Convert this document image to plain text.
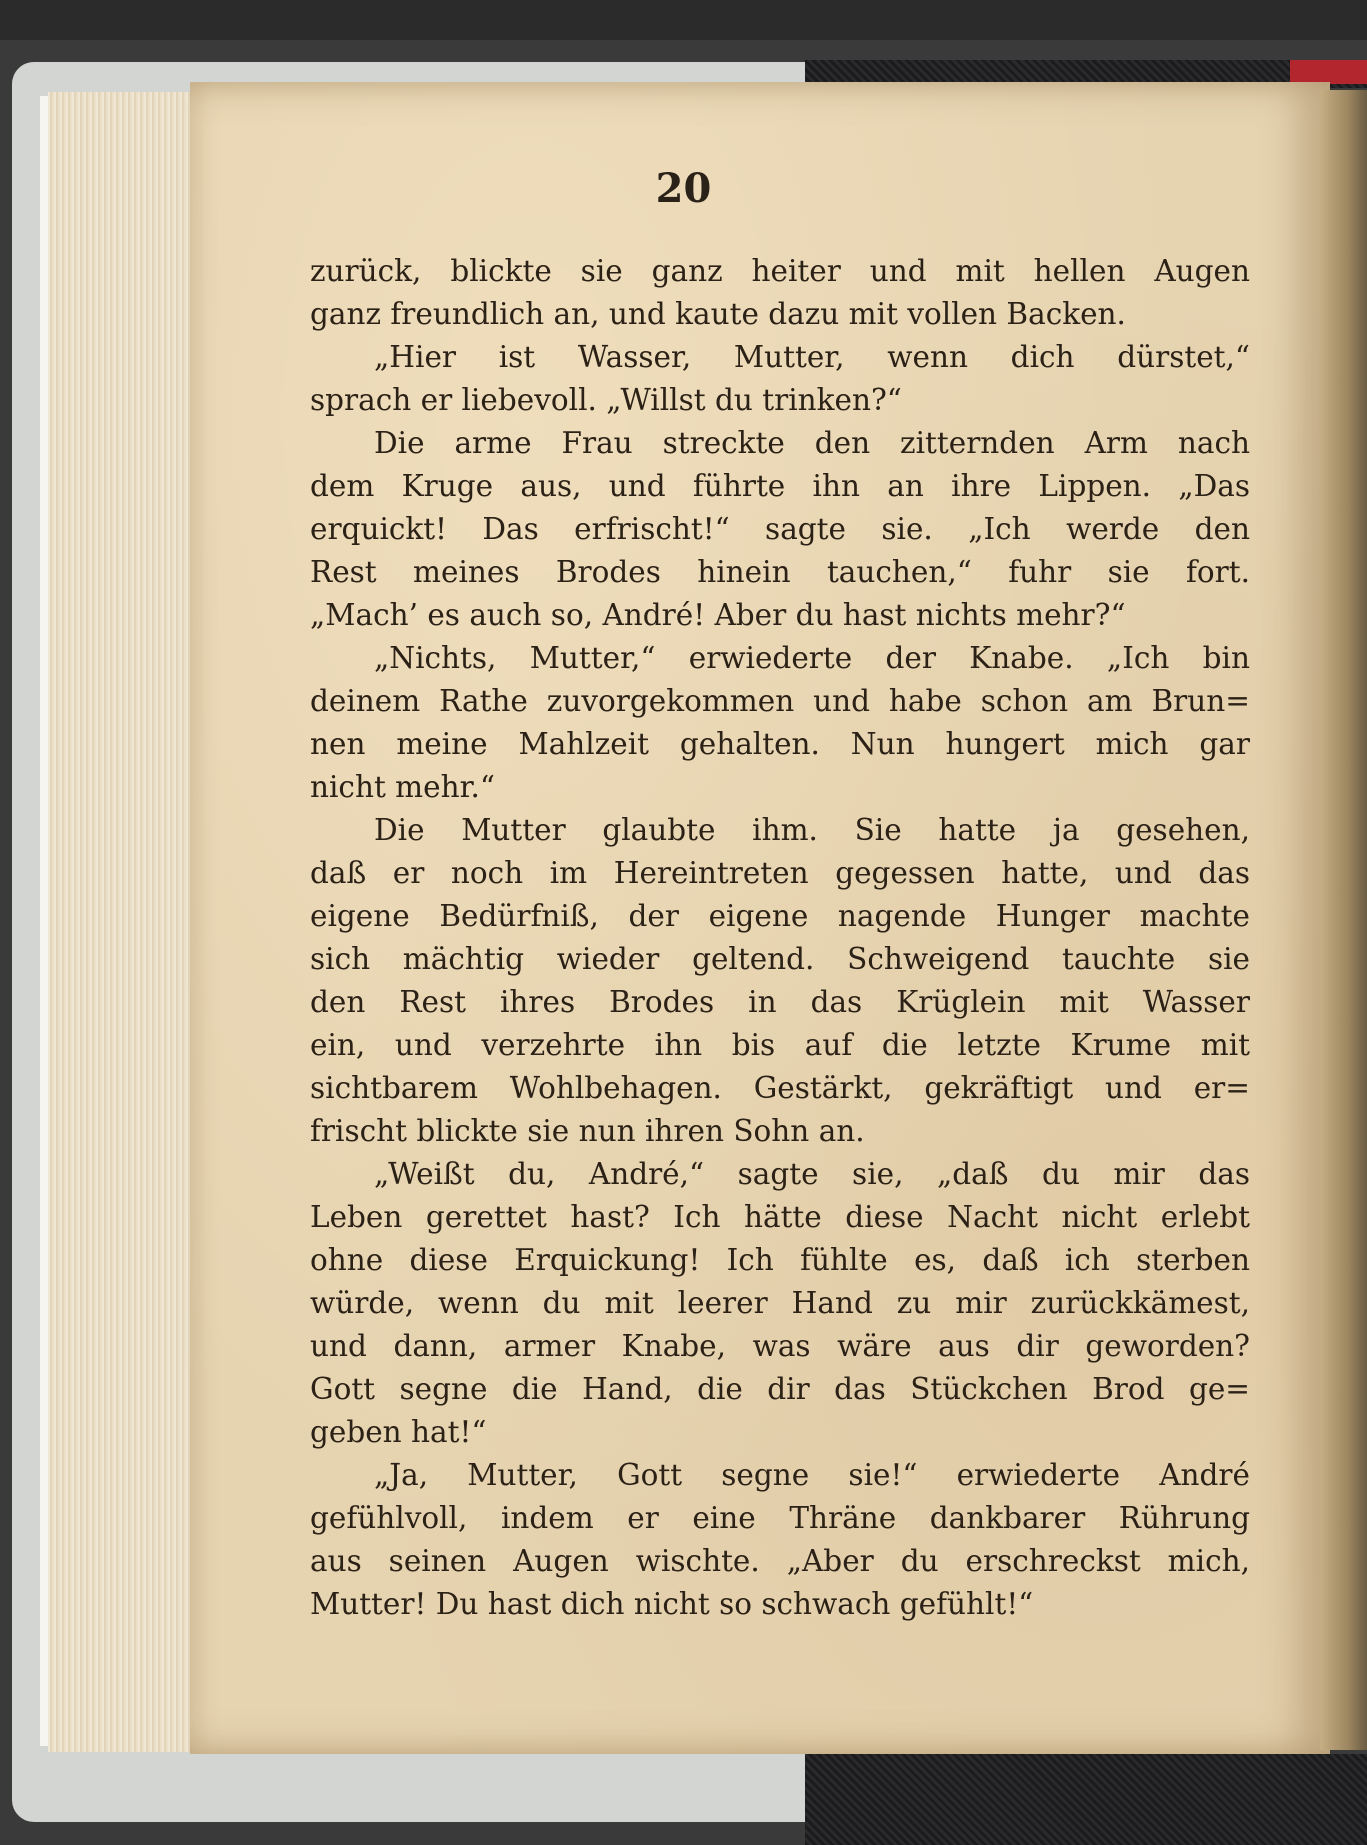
20
zurück, blickte sie ganz heiter und mit hellen Augen
ganz freundlich an, und kaute dazu mit vollen Backen.
„Hier ist Wasser, Mutter, wenn dich dürstet,“
sprach er liebevoll. „Willst du trinken?“
Die arme Frau streckte den zitternden Arm nach
dem Kruge aus, und führte ihn an ihre Lippen. „Das
erquickt! Das erfrischt!“ sagte sie. „Ich werde den
Rest meines Brodes hinein tauchen,“ fuhr sie fort.
„Mach’ es auch so, André! Aber du hast nichts mehr?“
„Nichts, Mutter,“ erwiederte der Knabe. „Ich bin
deinem Rathe zuvorgekommen und habe schon am Brun=
nen meine Mahlzeit gehalten. Nun hungert mich gar
nicht mehr.“
Die Mutter glaubte ihm. Sie hatte ja gesehen,
daß er noch im Hereintreten gegessen hatte, und das
eigene Bedürfniß, der eigene nagende Hunger machte
sich mächtig wieder geltend. Schweigend tauchte sie
den Rest ihres Brodes in das Krüglein mit Wasser
ein, und verzehrte ihn bis auf die letzte Krume mit
sichtbarem Wohlbehagen. Gestärkt, gekräftigt und er=
frischt blickte sie nun ihren Sohn an.
„Weißt du, André,“ sagte sie, „daß du mir das
Leben gerettet hast? Ich hätte diese Nacht nicht erlebt
ohne diese Erquickung! Ich fühlte es, daß ich sterben
würde, wenn du mit leerer Hand zu mir zurückkämest,
und dann, armer Knabe, was wäre aus dir geworden?
Gott segne die Hand, die dir das Stückchen Brod ge=
geben hat!“
„Ja, Mutter, Gott segne sie!“ erwiederte André
gefühlvoll, indem er eine Thräne dankbarer Rührung
aus seinen Augen wischte. „Aber du erschreckst mich,
Mutter! Du hast dich nicht so schwach gefühlt!“
